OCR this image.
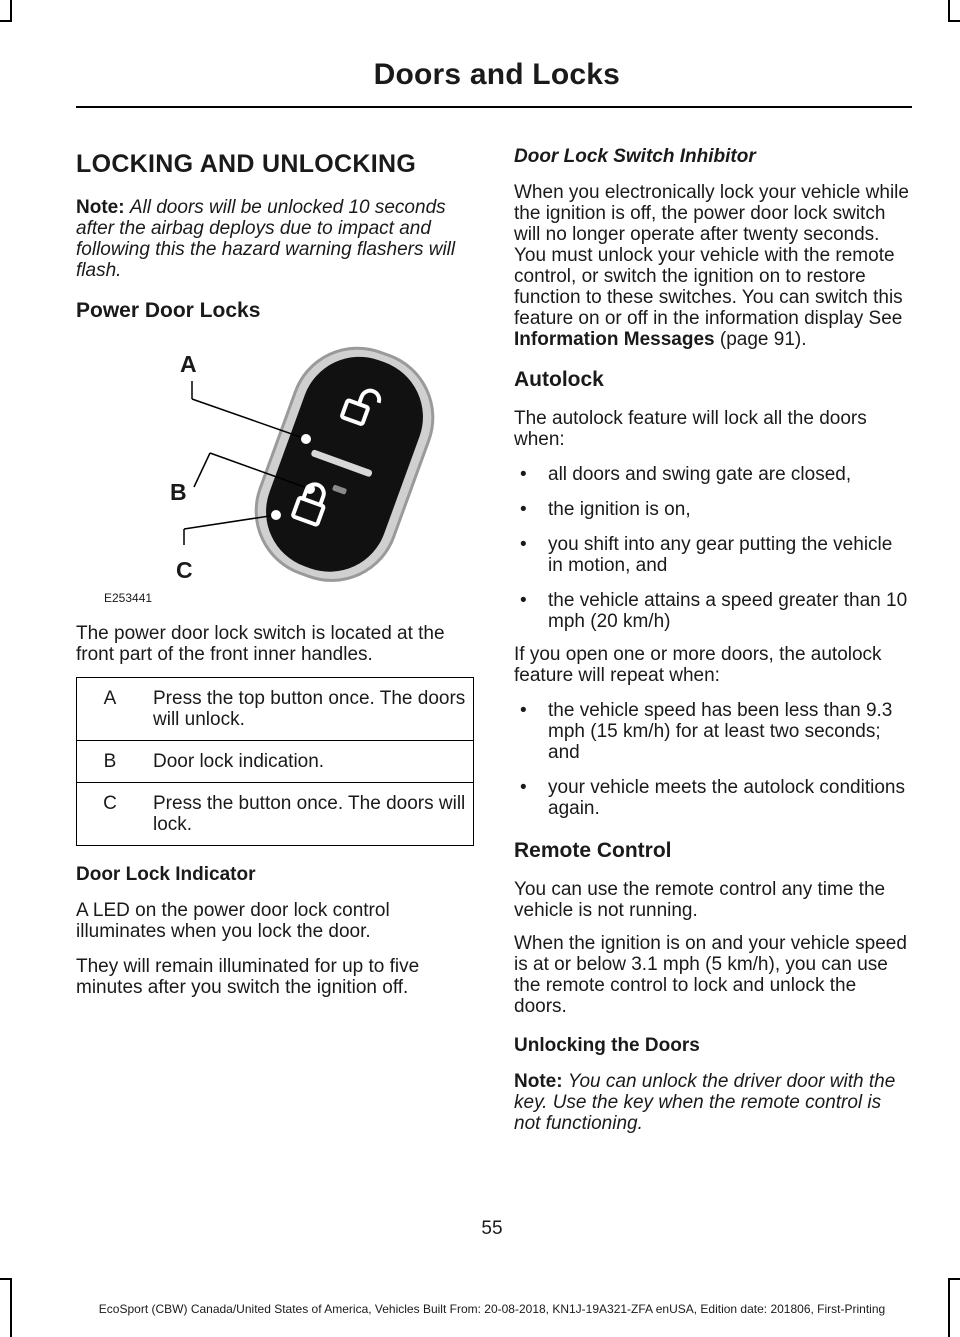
Doors and Locks
LOCKING AND UNLOCKING

Note: All doors will be unlocked 10 seconds after the airbag deploys due to impact and following this the hazard warning flashers will flash.

Power Door Locks
A
B
C
E253441

The power door lock switch is located at the front part of the front inner handles.

A	Press the top button once. The doors will unlock.
B	Door lock indication.
C	Press the button once. The doors will lock.
Door Lock Indicator

A LED on the power door lock control illuminates when you lock the door.

They will remain illuminated for up to five minutes after you switch the ignition off.

Door Lock Switch Inhibitor

When you electronically lock your vehicle while the ignition is off, the power door lock switch will no longer operate after twenty seconds. You must unlock your vehicle with the remote control, or switch the ignition on to restore function to these switches. You can switch this feature on or off in the information display See Information Messages (page 91).

Autolock

The autolock feature will lock all the doors when:

• all doors and swing gate are closed,
• the ignition is on,
• you shift into any gear putting the vehicle in motion, and
• the vehicle attains a speed greater than 10 mph (20 km/h)

If you open one or more doors, the autolock feature will repeat when:

• the vehicle speed has been less than 9.3 mph (15 km/h) for at least two seconds; and
• your vehicle meets the autolock conditions again.
Remote Control

You can use the remote control any time the vehicle is not running.

When the ignition is on and your vehicle speed is at or below 3.1 mph (5 km/h), you can use the remote control to lock and unlock the doors.

Unlocking the Doors

Note: You can unlock the driver door with the key. Use the key when the remote control is not functioning.

55
EcoSport (CBW) Canada/United States of America, Vehicles Built From: 20-08-2018, KN1J-19A321-ZFA enUSA, Edition date: 201806, First-Printing
